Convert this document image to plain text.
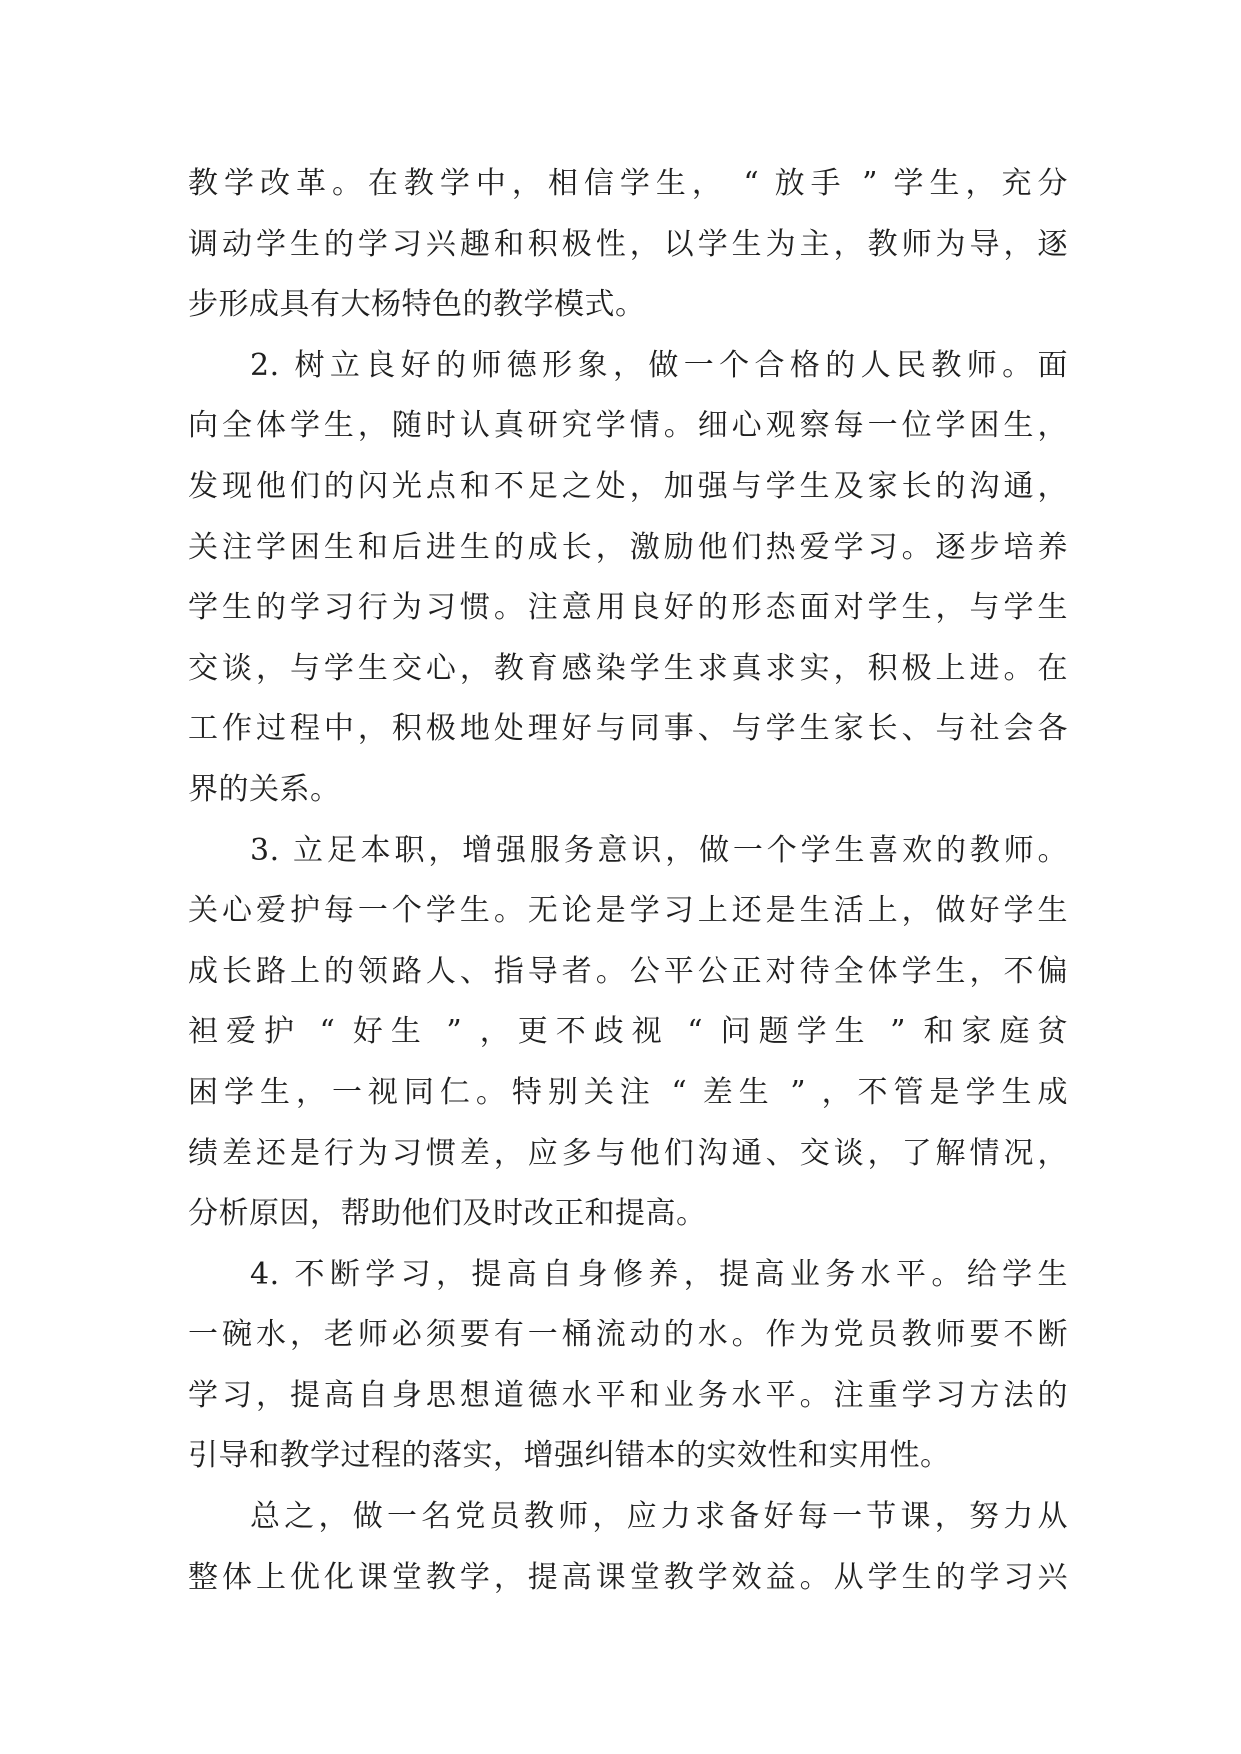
教学改革。在教学中，相信学生， “ 放手 ” 学生，充分
调动学生的学习兴趣和积极性，以学生为主，教师为导，逐
步形成具有大杨特色的教学模式。
2. 树立良好的师德形象，做一个合格的人民教师。面
向全体学生，随时认真研究学情。细心观察每一位学困生，
发现他们的闪光点和不足之处，加强与学生及家长的沟通，
关注学困生和后进生的成长，激励他们热爱学习。逐步培养
学生的学习行为习惯。注意用良好的形态面对学生，与学生
交谈，与学生交心，教育感染学生求真求实，积极上进。在
工作过程中，积极地处理好与同事、与学生家长、与社会各
界的关系。
3. 立足本职，增强服务意识，做一个学生喜欢的教师。
关心爱护每一个学生。无论是学习上还是生活上，做好学生
成长路上的领路人、指导者。公平公正对待全体学生，不偏
袒爱护 “ 好生 ” ，更不歧视 “ 问题学生 ” 和家庭贫
困学生，一视同仁。特别关注 “ 差生 ” ，不管是学生成
绩差还是行为习惯差，应多与他们沟通、交谈，了解情况，
分析原因，帮助他们及时改正和提高。
4. 不断学习，提高自身修养，提高业务水平。给学生
一碗水，老师必须要有一桶流动的水。作为党员教师要不断
学习，提高自身思想道德水平和业务水平。注重学习方法的
引导和教学过程的落实，增强纠错本的实效性和实用性。
总之，做一名党员教师，应力求备好每一节课，努力从
整体上优化课堂教学，提高课堂教学效益。从学生的学习兴
